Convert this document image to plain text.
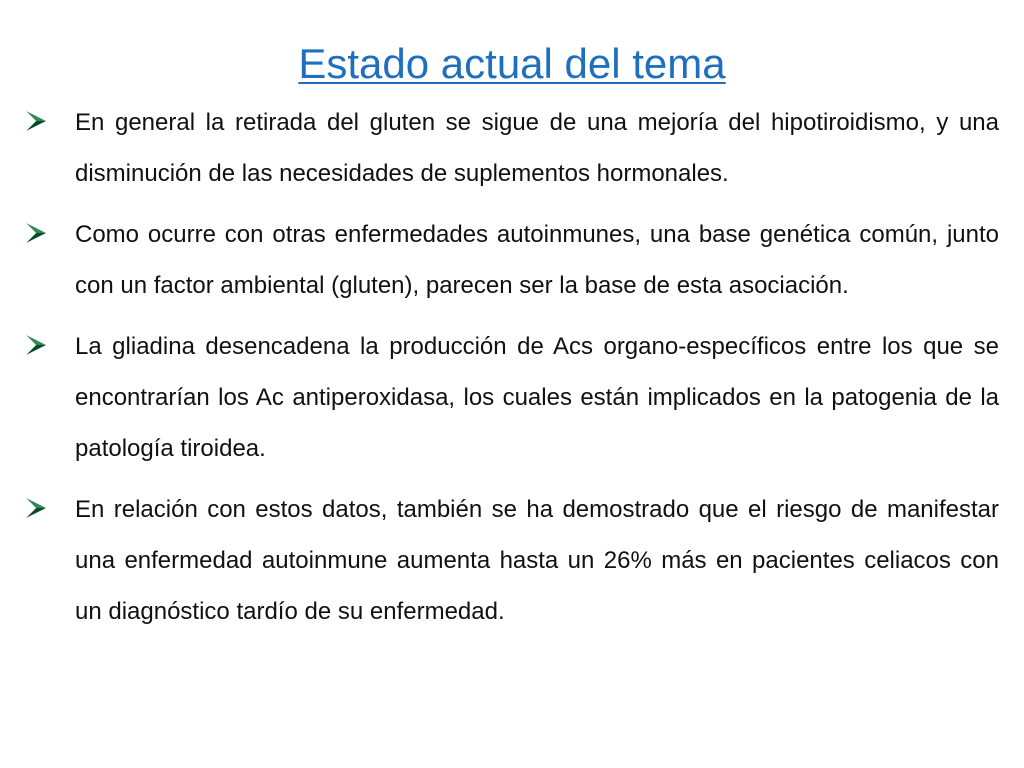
Estado actual del tema
En general la retirada del gluten se sigue de una mejoría del hipotiroidismo, y una disminución de las necesidades de suplementos hormonales.
Como ocurre con otras enfermedades autoinmunes, una base genética común, junto con un factor ambiental (gluten), parecen ser la base de esta asociación.
La gliadina desencadena la producción de Acs organo-específicos entre los que se encontrarían los Ac antiperoxidasa, los cuales están implicados en la patogenia de la patología tiroidea.
En relación con estos datos, también se ha demostrado que el riesgo de manifestar una enfermedad autoinmune aumenta hasta un 26% más en pacientes celiacos con un diagnóstico tardío de su enfermedad.
